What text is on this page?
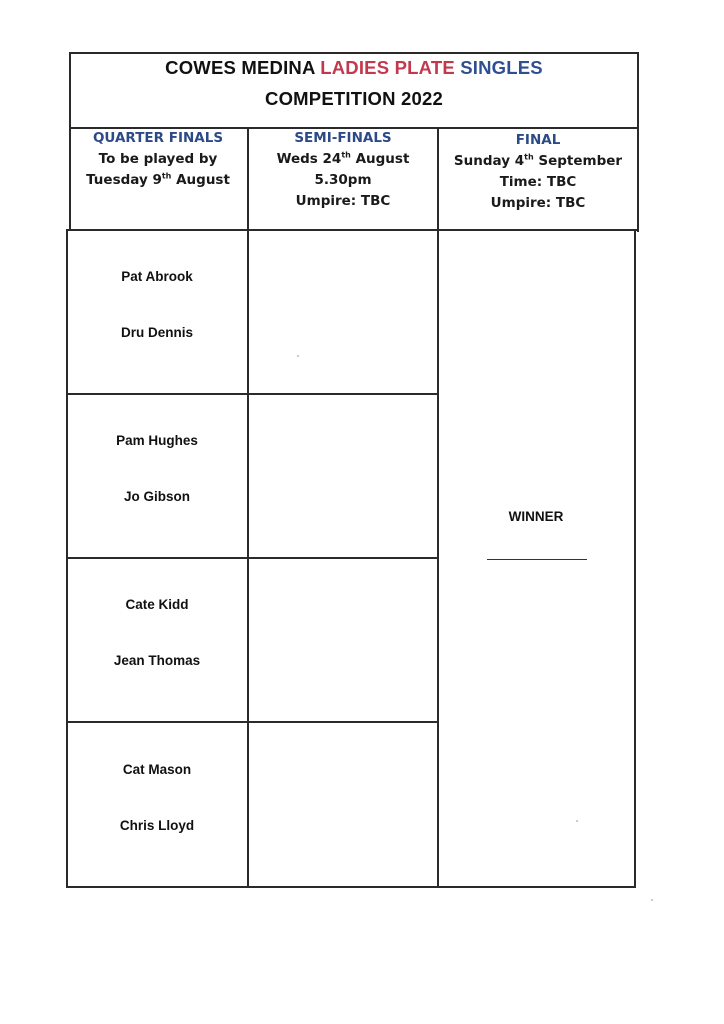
COWES MEDINA LADIES PLATE SINGLES
COMPETITION 2022
QUARTER FINALS
To be played by
Tuesday 9th August
SEMI-FINALS
Weds 24th August
5.30pm
Umpire: TBC
FINAL
Sunday 4th September
Time: TBC
Umpire: TBC
Pat Abrook
Dru Dennis
Pam Hughes
Jo Gibson
Cate Kidd
Jean Thomas
Cat Mason
Chris Lloyd
WINNER
